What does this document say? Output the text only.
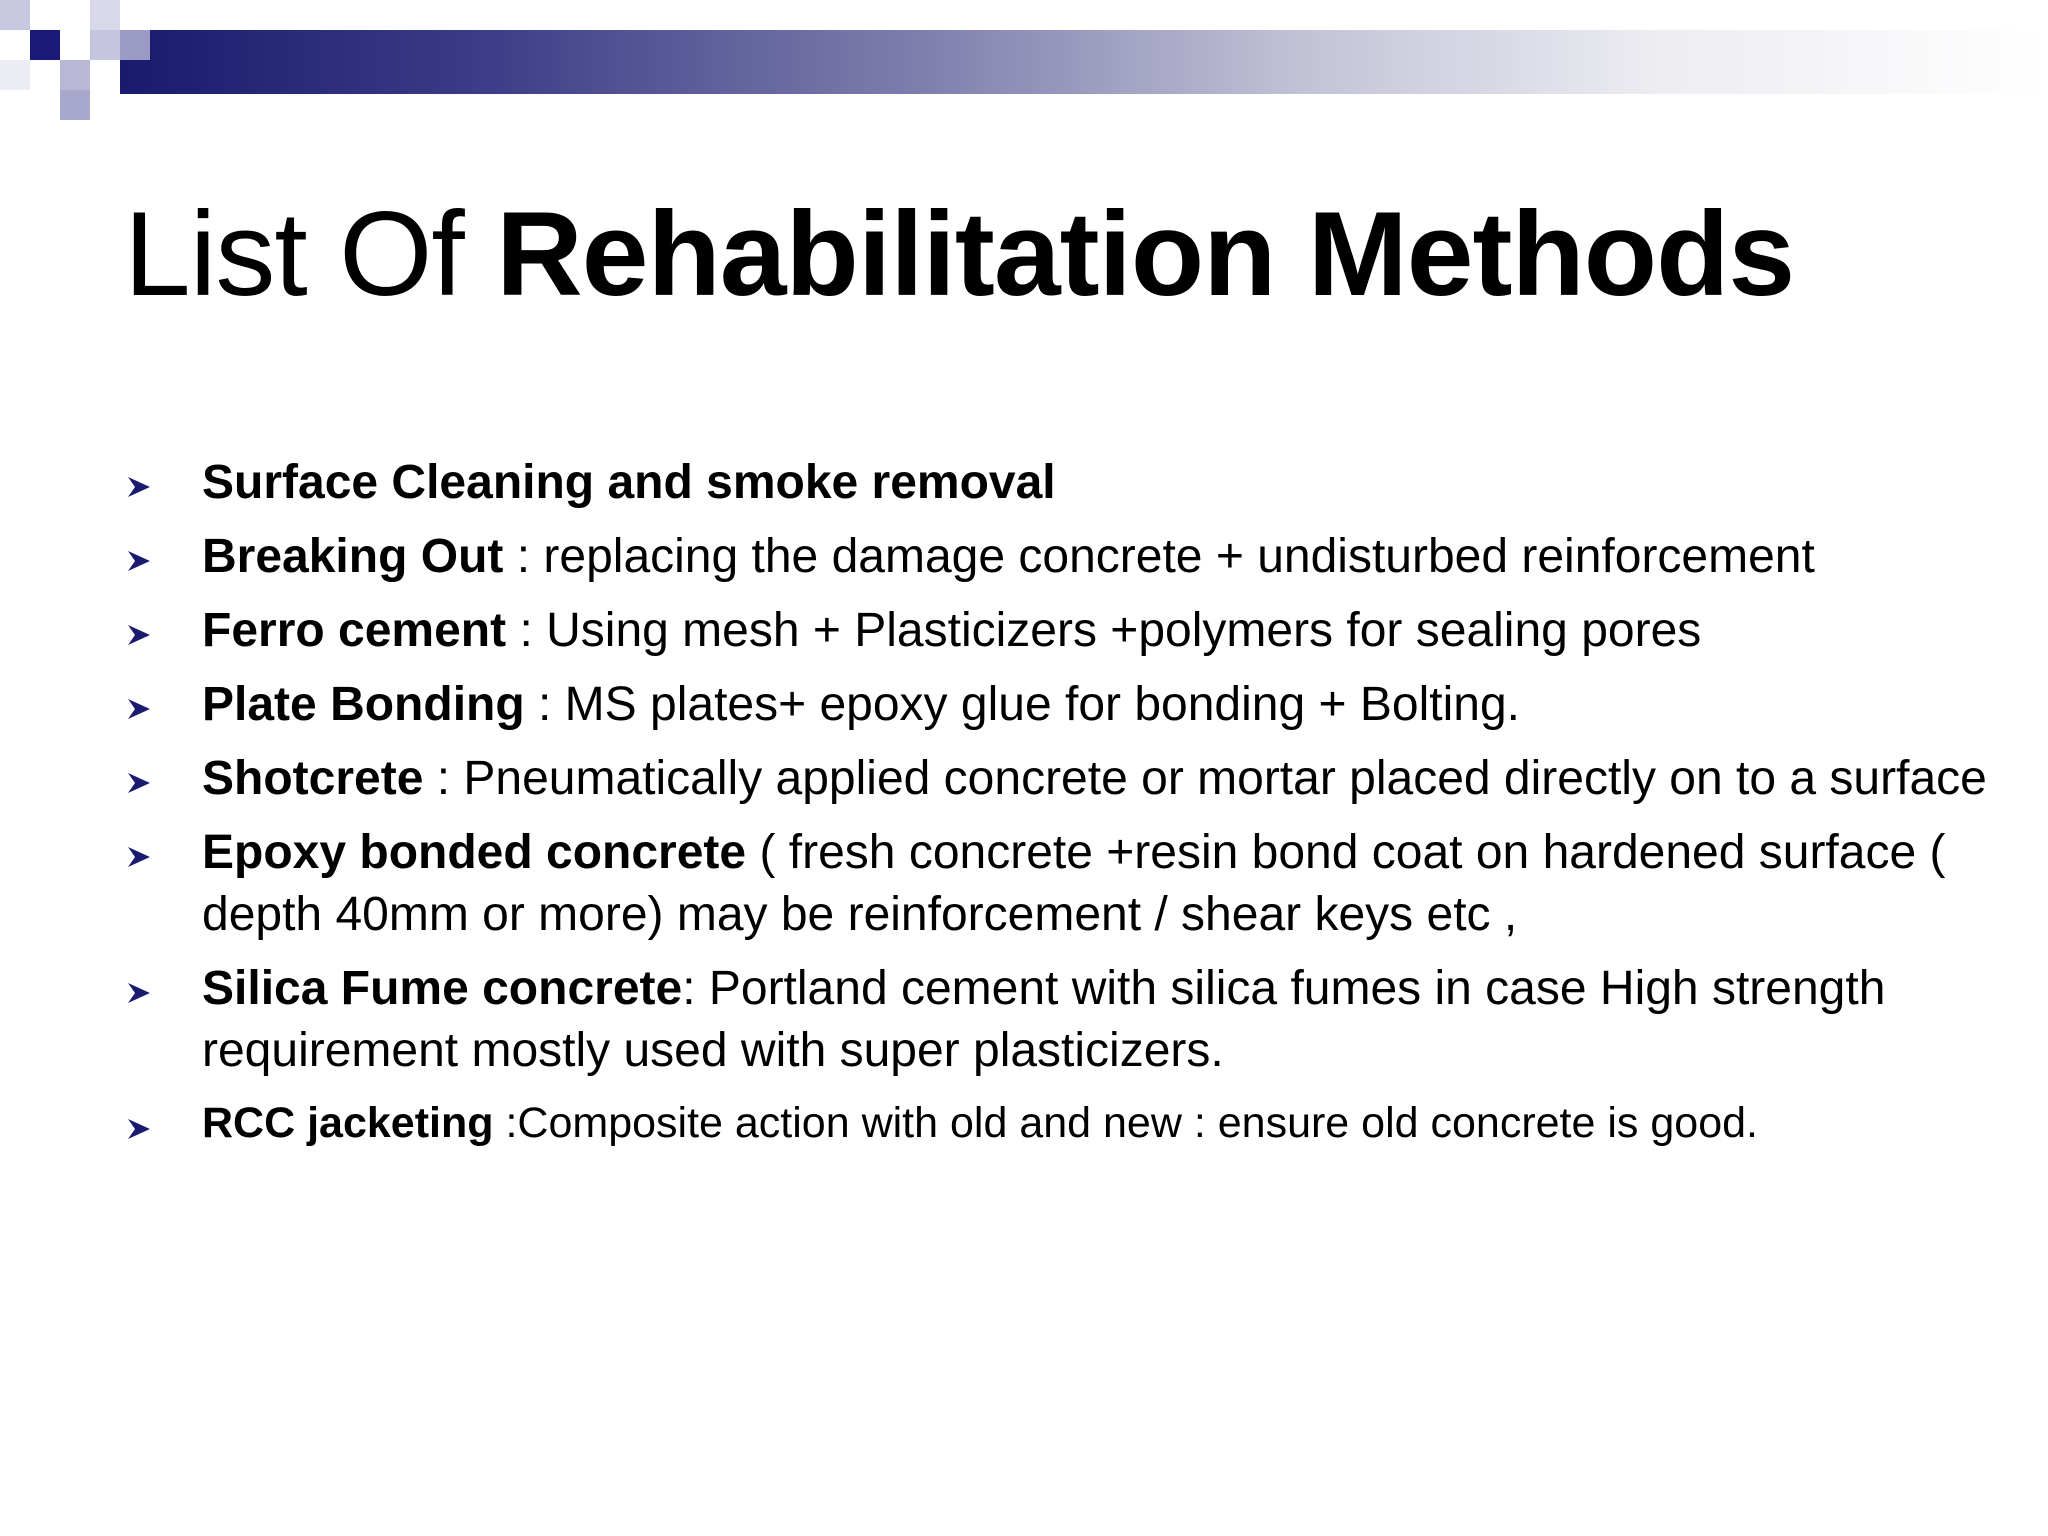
List Of Rehabilitation Methods
Surface Cleaning and smoke removal
Breaking Out : replacing the damage concrete + undisturbed reinforcement
Ferro cement : Using mesh + Plasticizers +polymers for sealing pores
Plate Bonding : MS plates+ epoxy glue for bonding + Bolting.
Shotcrete : Pneumatically applied concrete or mortar placed directly on to a surface
Epoxy bonded concrete ( fresh concrete +resin bond coat on hardened surface ( depth 40mm or more) may be reinforcement / shear keys etc ,
Silica Fume concrete: Portland cement with silica fumes in case High strength requirement mostly used with super plasticizers.
RCC jacketing :Composite action with old and new : ensure old concrete is good.
